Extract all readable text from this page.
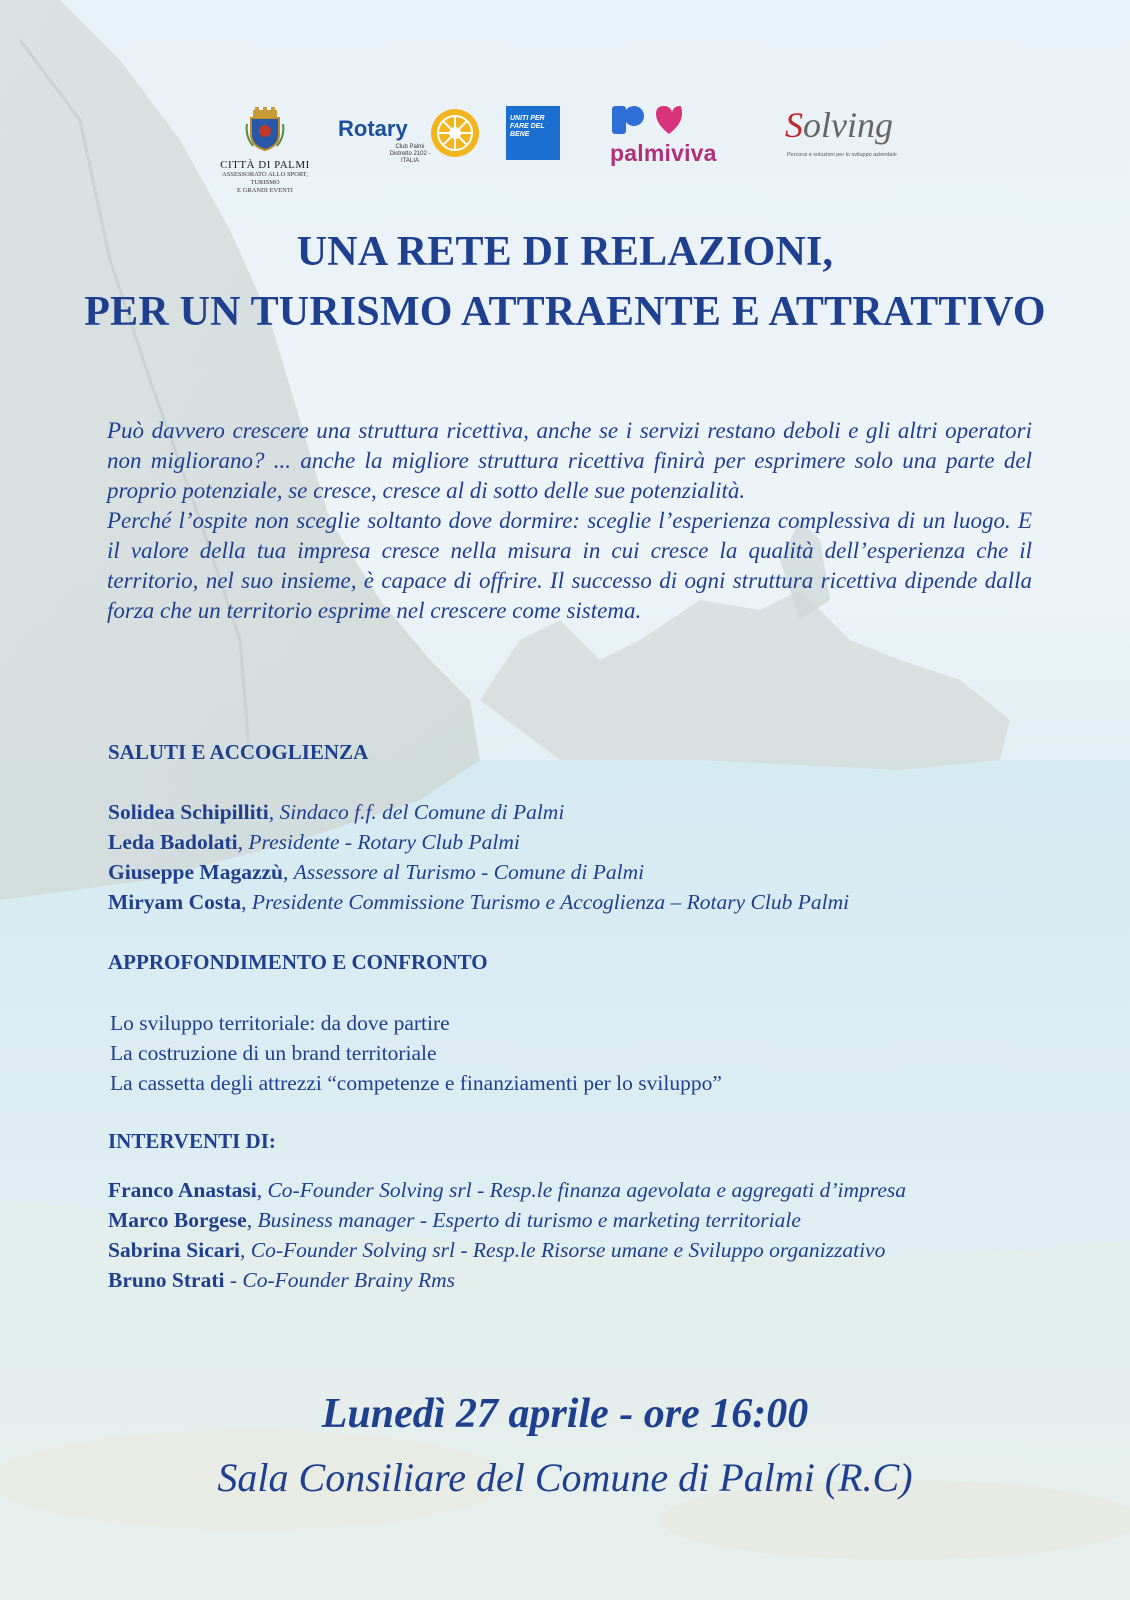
CITTÀ DI PALMI
ASSESSORATO ALLO SPORT, TURISMO
E GRANDI EVENTI
Rotary
Club Palmi
Distretto 2102 - ITALIA
UNITI PER
FARE DEL
BENE
palmiviva
Solving
Percorsi e soluzioni per lo sviluppo aziendale
UNA RETE DI RELAZIONI,
PER UN TURISMO ATTRAENTE E ATTRATTIVO

Può davvero crescere una struttura ricettiva, anche se i servizi restano deboli e gli altri operatori non migliorano? ... anche la migliore struttura ricettiva finirà per esprimere solo una parte del proprio potenziale, se cresce, cresce al di sotto delle sue potenzialità.

Perché l’ospite non sceglie soltanto dove dormire: sceglie l’esperienza complessiva di un luogo. E il valore della tua impresa cresce nella misura in cui cresce la qualità dell’esperienza che il territorio, nel suo insieme, è capace di offrire. Il successo di ogni struttura ricettiva dipende dalla forza che un territorio esprime nel crescere come sistema.

SALUTI E ACCOGLIENZA
Solidea Schipilliti, Sindaco f.f. del Comune di Palmi
Leda Badolati, Presidente - Rotary Club Palmi
Giuseppe Magazzù, Assessore al Turismo - Comune di Palmi
Miryam Costa, Presidente Commissione Turismo e Accoglienza – Rotary Club Palmi
APPROFONDIMENTO E CONFRONTO
Lo sviluppo territoriale: da dove partire
La costruzione di un brand territoriale
La cassetta degli attrezzi “competenze e finanziamenti per lo sviluppo”
INTERVENTI DI:
Franco Anastasi, Co-Founder Solving srl - Resp.le finanza agevolata e aggregati d’impresa
Marco Borgese, Business manager - Esperto di turismo e marketing territoriale
Sabrina Sicari, Co-Founder Solving srl - Resp.le Risorse umane e Sviluppo organizzativo
Bruno Strati - Co-Founder Brainy Rms
Lunedì 27 aprile - ore 16:00
Sala Consiliare del Comune di Palmi (R.C)
